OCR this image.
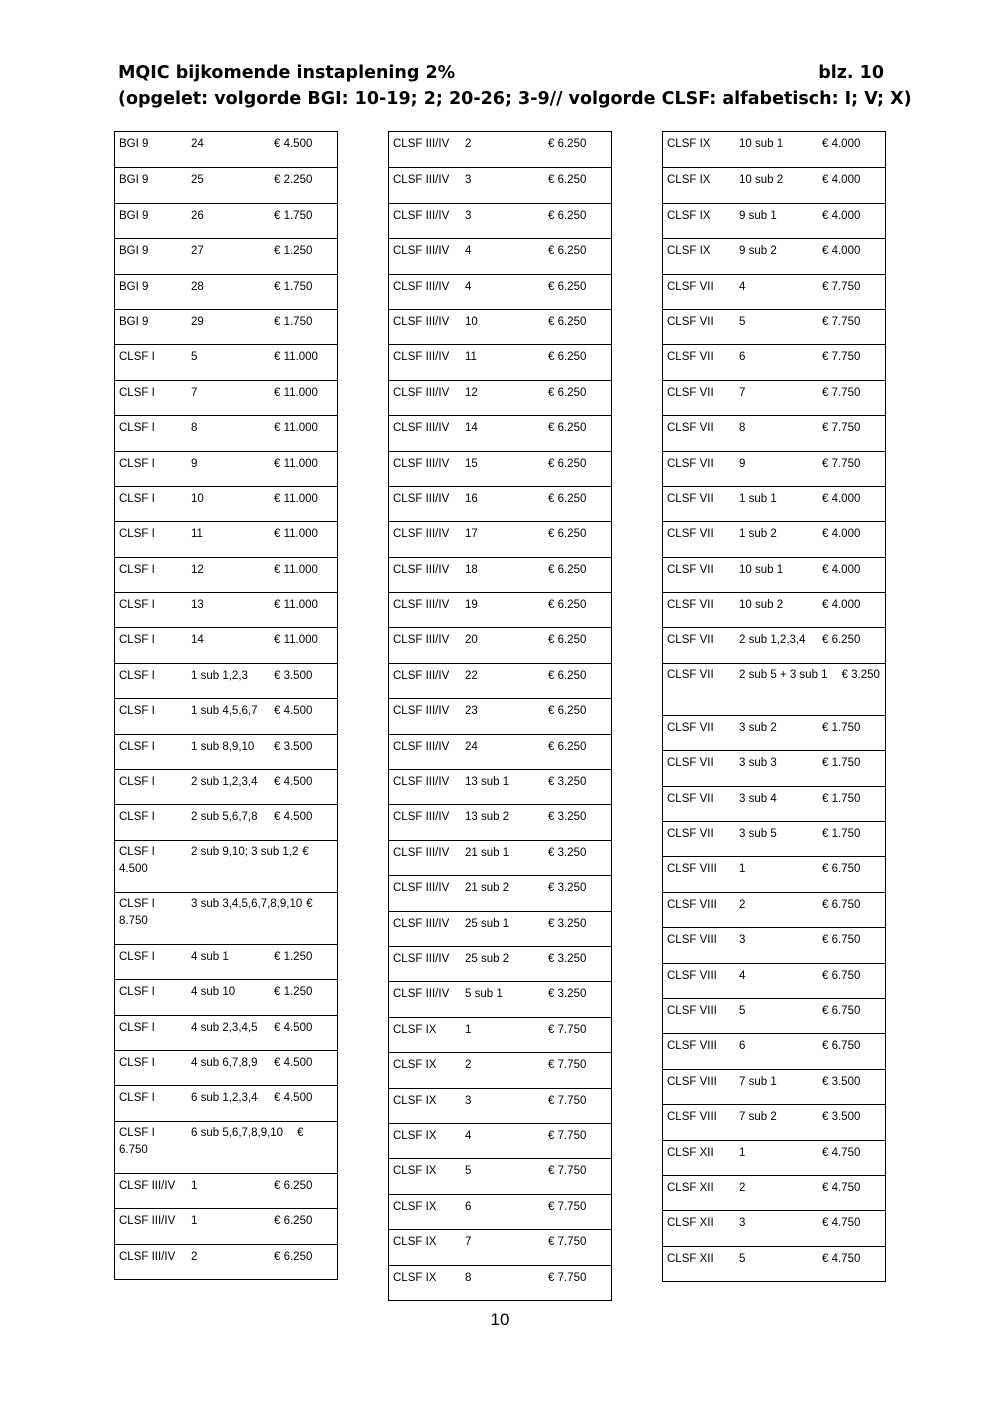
MQIC bijkomende instaplening 2%	blz. 10
(opgelet: volgorde BGI: 10-19; 2; 20-26; 3-9// volgorde CLSF: alfabetisch: I; V; X)
BGI 9	24	€ 4.500
BGI 9	25	€ 2.250
BGI 9	26	€ 1.750
BGI 9	27	€ 1.250
BGI 9	28	€ 1.750
BGI 9	29	€ 1.750
CLSF I	5	€ 11.000
CLSF I	7	€ 11.000
CLSF I	8	€ 11.000
CLSF I	9	€ 11.000
CLSF I	10	€ 11.000
CLSF I	11	€ 11.000
CLSF I	12	€ 11.000
CLSF I	13	€ 11.000
CLSF I	14	€ 11.000
CLSF I	1 sub 1,2,3	€ 3.500
CLSF I	1 sub 4,5,6,7	€ 4.500
CLSF I	1 sub 8,9,10	€ 3.500
CLSF I	2 sub 1,2,3,4	€ 4.500
CLSF I	2 sub 5,6,7,8	€ 4.500
CLSF I	2 sub 9,10; 3 sub 1,2 € 4.500
CLSF I	3 sub 3,4,5,6,7,8,9,10 € 8.750
CLSF I	4 sub 1	€ 1.250
CLSF I	4 sub 10	€ 1.250
CLSF I	4 sub 2,3,4,5	€ 4.500
CLSF I	4 sub 6,7,8,9	€ 4.500
CLSF I	6 sub 1,2,3,4	€ 4.500
CLSF I	6 sub 5,6,7,8,9,10 € 6.750
CLSF III/IV	1	€ 6.250
CLSF III/IV	1	€ 6.250
CLSF III/IV	2	€ 6.250
CLSF III/IV	2	€ 6.250
CLSF III/IV	3	€ 6.250
CLSF III/IV	3	€ 6.250
CLSF III/IV	4	€ 6.250
CLSF III/IV	4	€ 6.250
CLSF III/IV	10	€ 6.250
CLSF III/IV	11	€ 6.250
CLSF III/IV	12	€ 6.250
CLSF III/IV	14	€ 6.250
CLSF III/IV	15	€ 6.250
CLSF III/IV	16	€ 6.250
CLSF III/IV	17	€ 6.250
CLSF III/IV	18	€ 6.250
CLSF III/IV	19	€ 6.250
CLSF III/IV	20	€ 6.250
CLSF III/IV	22	€ 6.250
CLSF III/IV	23	€ 6.250
CLSF III/IV	24	€ 6.250
CLSF III/IV	13 sub 1	€ 3.250
CLSF III/IV	13 sub 2	€ 3.250
CLSF III/IV	21 sub 1	€ 3.250
CLSF III/IV	21 sub 2	€ 3.250
CLSF III/IV	25 sub 1	€ 3.250
CLSF III/IV	25 sub 2	€ 3.250
CLSF III/IV	5 sub 1	€ 3.250
CLSF IX	1	€ 7.750
CLSF IX	2	€ 7.750
CLSF IX	3	€ 7.750
CLSF IX	4	€ 7.750
CLSF IX	5	€ 7.750
CLSF IX	6	€ 7.750
CLSF IX	7	€ 7.750
CLSF IX	8	€ 7.750
CLSF IX	10 sub 1	€ 4.000
CLSF IX	10 sub 2	€ 4.000
CLSF IX	9 sub 1	€ 4.000
CLSF IX	9 sub 2	€ 4.000
CLSF VII	4	€ 7.750
CLSF VII	5	€ 7.750
CLSF VII	6	€ 7.750
CLSF VII	7	€ 7.750
CLSF VII	8	€ 7.750
CLSF VII	9	€ 7.750
CLSF VII	1 sub 1	€ 4.000
CLSF VII	1 sub 2	€ 4.000
CLSF VII	10 sub 1	€ 4.000
CLSF VII	10 sub 2	€ 4.000
CLSF VII	2 sub 1,2,3,4	€ 6.250
CLSF VII 2 sub 5 + 3 sub 1 € 3.250
CLSF VII	3 sub 2	€ 1.750
CLSF VII	3 sub 3	€ 1.750
CLSF VII	3 sub 4	€ 1.750
CLSF VII	3 sub 5	€ 1.750
CLSF VIII	1	€ 6.750
CLSF VIII	2	€ 6.750
CLSF VIII	3	€ 6.750
CLSF VIII	4	€ 6.750
CLSF VIII	5	€ 6.750
CLSF VIII	6	€ 6.750
CLSF VIII	7 sub 1	€ 3.500
CLSF VIII	7 sub 2	€ 3.500
CLSF XII	1	€ 4.750
CLSF XII	2	€ 4.750
CLSF XII	3	€ 4.750
CLSF XII	5	€ 4.750
10
